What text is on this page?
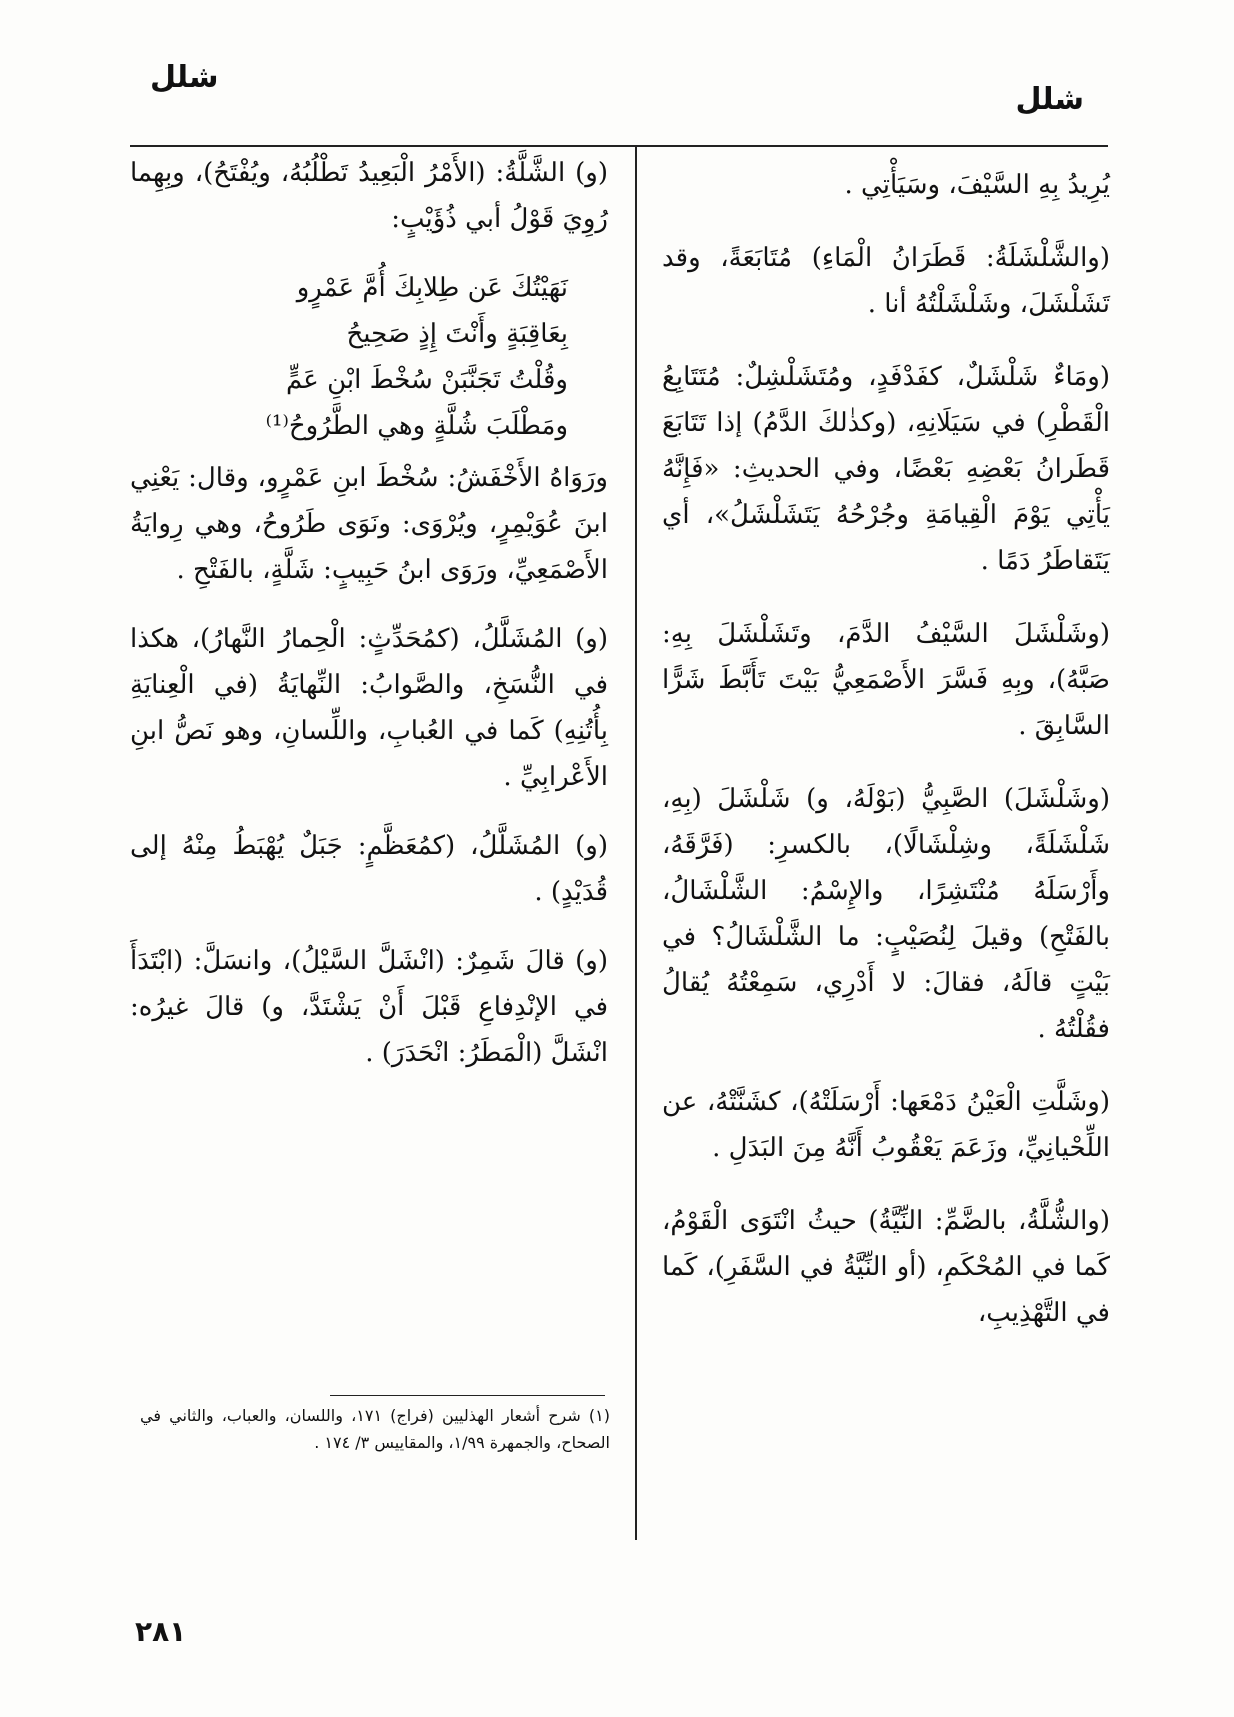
شلل
شلل

يُرِيدُ بِهِ السَّيْفَ، وسَيَأْتِي .

(والشَّلْشَلَةُ: قَطَرَانُ الْمَاءِ) مُتَابَعَةً، وقد تَشَلْشَلَ، وشَلْشَلْتُهُ أنا .

(ومَاءٌ شَلْشَلٌ، كفَدْفَدٍ، ومُتَشَلْشِلٌ: مُتَتَابِعُ الْقَطْرِ) في سَيَلَانِهِ، (وكذٰلكَ الدَّمُ) إذا تَتَابَعَ قَطَرانُ بَعْضِهِ بَعْضًا، وفي الحديثِ: «فَإِنَّهُ يَأْتِي يَوْمَ الْقِيامَةِ وجُرْحُهُ يَتَشَلْشَلُ»، أي يَتَقاطَرُ دَمًا .

(وشَلْشَلَ السَّيْفُ الدَّمَ، وتَشَلْشَلَ بِهِ: صَبَّهُ)، وبِهِ فَسَّرَ الأَصْمَعِيُّ بَيْتَ تَأَبَّطَ شَرًّا السَّابِقَ .

(وشَلْشَلَ) الصَّبِيُّ (بَوْلَهُ، و) شَلْشَلَ (بِهِ، شَلْشَلَةً، وشِلْشَالًا)، بالكسرِ: (فَرَّقَهُ، وأَرْسَلَهُ مُنْتَشِرًا، والإِسْمُ: الشَّلْشَالُ، بالفَتْحِ) وقيلَ لِنُصَيْبٍ: ما الشَّلْشَالُ؟ في بَيْتٍ قالَهُ، فقالَ: لا أَدْرِي، سَمِعْتُهُ يُقالُ فقُلْتُهُ .

(وشَلَّتِ الْعَيْنُ دَمْعَها: أَرْسَلَتْهُ)، كشَنَّتْهُ، عن اللِّحْيانِيِّ، وزَعَمَ يَعْقُوبُ أَنَّهُ مِنَ البَدَلِ .

(والشُّلَّةُ، بالضَّمِّ: النِّيَّةُ) حيثُ انْتَوَى الْقَوْمُ، كَما في المُحْكَمِ، (أو النِّيَّةُ في السَّفَرِ)، كَما في التَّهْذِيبِ،

(و) الشَّلَّةُ: (الأَمْرُ الْبَعِيدُ تَطْلُبُهُ، ويُفْتَحُ)، وبِهِما رُوِيَ قَوْلُ أبي ذُؤَيْبٍ:

نَهَيْتُكَ عَن طِلابِكَ أُمَّ عَمْرٍو

بِعَاقِبَةٍ وأَنْتَ إِذٍ صَحِيحُ

وقُلْتُ تَجَنَّبَنْ سُخْطَ ابْنِ عَمٍّ

ومَطْلَبَ شُلَّةٍ وهي الطَّرُوحُ⁽¹⁾

ورَوَاهُ الأَخْفَشُ: سُخْطَ ابنِ عَمْرٍو، وقال: يَعْنِي ابنَ عُوَيْمِرٍ، ويُرْوَى: ونَوَى طَرُوحُ، وهي رِوايَةُ الأَصْمَعِيِّ، ورَوَى ابنُ حَبِيبٍ: شَلَّةٍ، بالفَتْحِ .

(و) المُشَلَّلُ، (كمُحَدِّثٍ: الْحِمارُ النَّهارُ)، هكذا في النُّسَخِ، والصَّوابُ: النِّهايَةُ (في الْعِنايَةِ بِأُتُنِهِ) كَما في العُبابِ، واللِّسانِ، وهو نَصُّ ابنِ الأَعْرابِيِّ .

(و) المُشَلَّلُ، (كمُعَظَّمٍ: جَبَلٌ يُهْبَطُ مِنْهُ إلى قُدَيْدٍ) .

(و) قالَ شَمِرٌ: (انْشَلَّ السَّيْلُ)، وانسَلَّ: (ابْتَدَأَ في الإنْدِفاعِ قَبْلَ أَنْ يَشْتَدَّ، و) قالَ غيرُه: انْشَلَّ (الْمَطَرُ: انْحَدَرَ) .

(١) شرح أشعار الهذليين (فراج) ١٧١، واللسان، والعباب، والثاني في الصحاح، والجمهرة ١/٩٩، والمقاييس ٣/ ١٧٤ .
٢٨١
